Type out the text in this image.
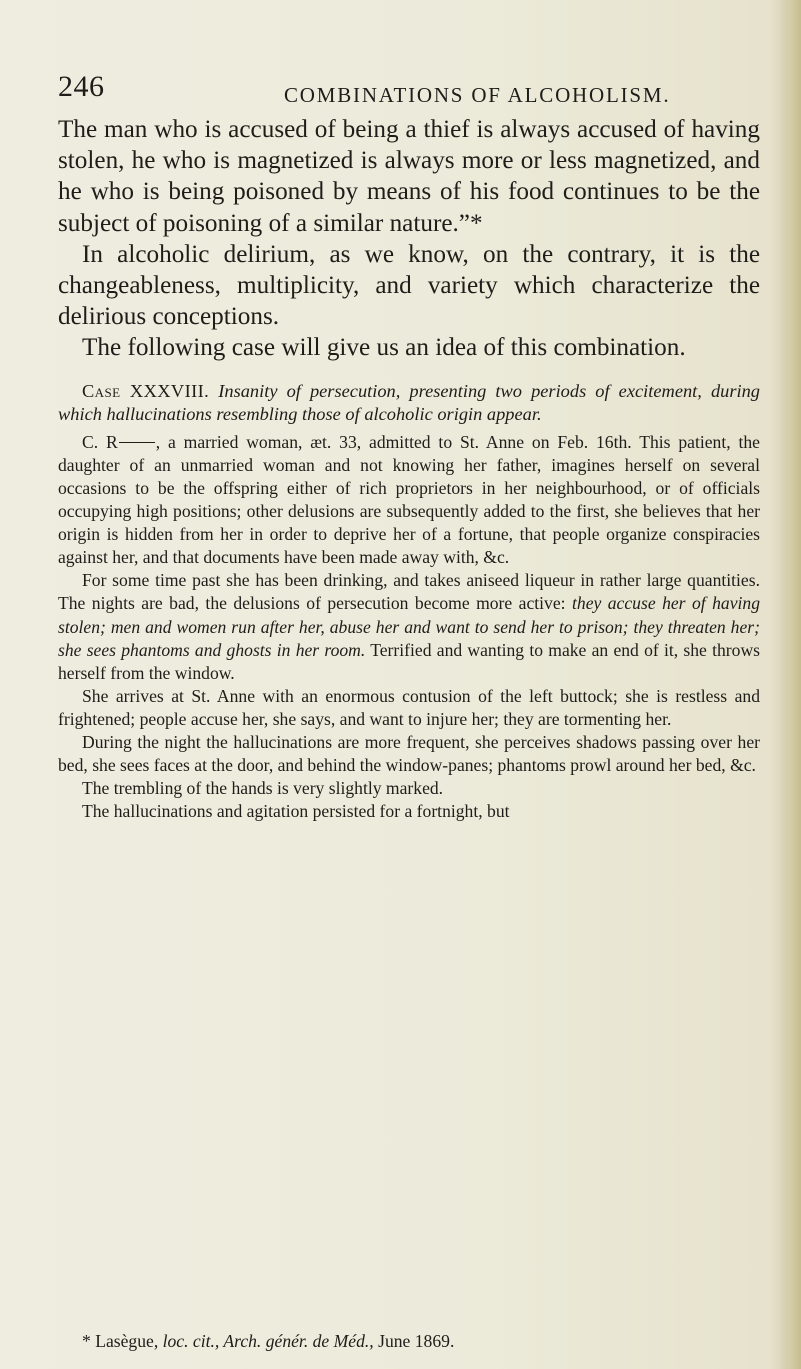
246	COMBINATIONS OF ALCOHOLISM.

The man who is accused of being a thief is always accused of having stolen, he who is magnetized is always more or less magnetized, and he who is being poisoned by means of his food continues to be the subject of poisoning of a similar nature.”*

In alcoholic delirium, as we know, on the contrary, it is the changeableness, multiplicity, and variety which characterize the delirious conceptions.

The following case will give us an idea of this combination.

Case XXXVIII. Insanity of persecution, presenting two periods of excitement, during which hallucinations resembling those of alcoholic origin appear.

C. R , a married woman, æt. 33, admitted to St. Anne on Feb. 16th. This patient, the daughter of an unmarried woman and not knowing her father, imagines herself on several occasions to be the offspring either of rich proprietors in her neighbourhood, or of officials occupying high positions; other delusions are subsequently added to the first, she believes that her origin is hidden from her in order to deprive her of a fortune, that people organize conspiracies against her, and that documents have been made away with, &c.

For some time past she has been drinking, and takes aniseed liqueur in rather large quantities. The nights are bad, the delusions of persecution become more active: they accuse her of having stolen; men and women run after her, abuse her and want to send her to prison; they threaten her; she sees phantoms and ghosts in her room. Terrified and wanting to make an end of it, she throws herself from the window.

She arrives at St. Anne with an enormous contusion of the left buttock; she is restless and frightened; people accuse her, she says, and want to injure her; they are tormenting her.

During the night the hallucinations are more frequent, she perceives shadows passing over her bed, she sees faces at the door, and behind the window-panes; phantoms prowl around her bed, &c.

The trembling of the hands is very slightly marked.

The hallucinations and agitation persisted for a fortnight, but

* Lasègue, loc. cit., Arch. génér. de Méd., June 1869.
